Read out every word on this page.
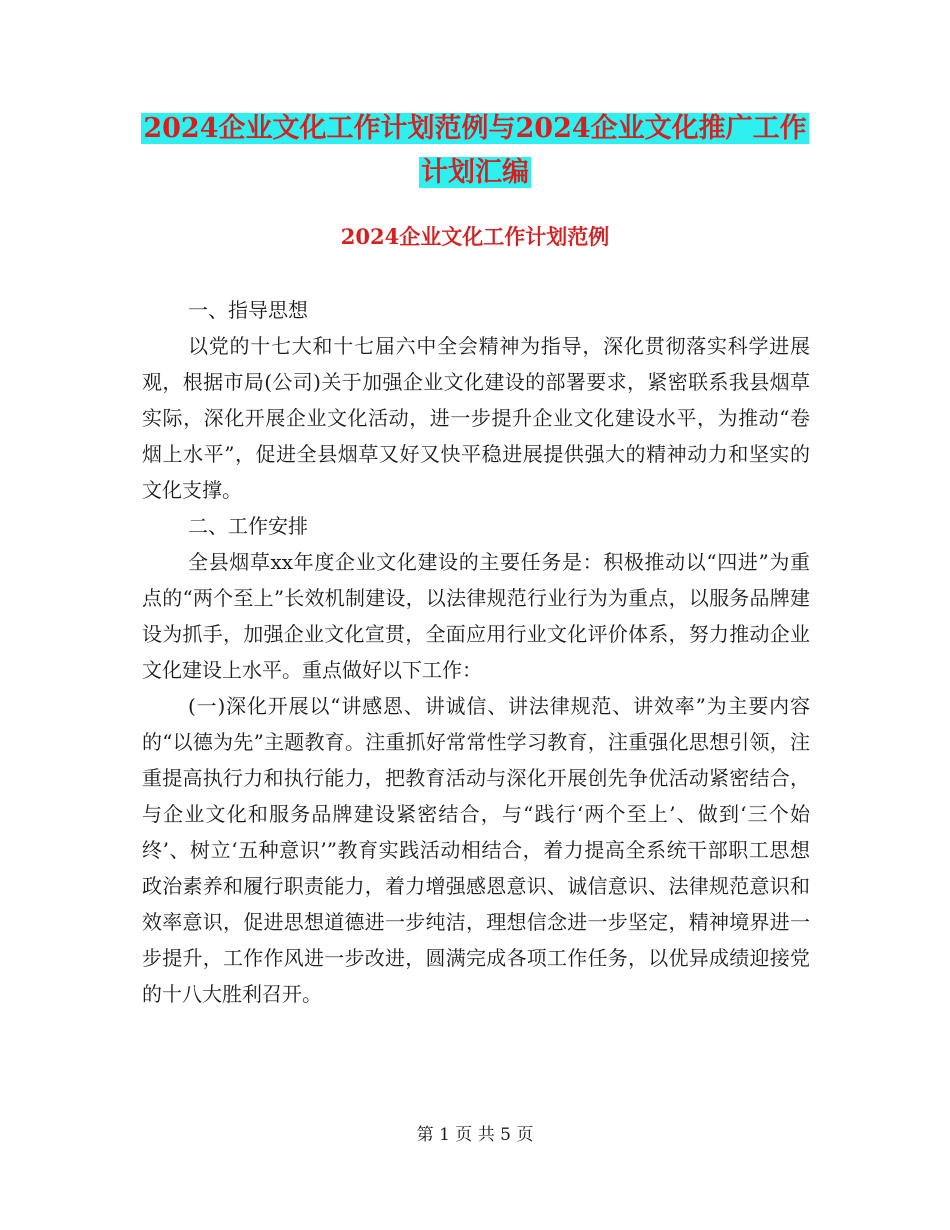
2024企业文化工作计划范例与2024企业文化推广工作
计划汇编
2024企业文化工作计划范例

一、指导思想

以党的十七大和十七届六中全会精神为指导，深化贯彻落实科学进展观，根据市局(公司)关于加强企业文化建设的部署要求，紧密联系我县烟草实际，深化开展企业文化活动，进一步提升企业文化建设水平，为推动“卷烟上水平”，促进全县烟草又好又快平稳进展提供强大的精神动力和坚实的文化支撑。

二、工作安排

全县烟草xx年度企业文化建设的主要任务是：积极推动以“四进”为重点的“两个至上”长效机制建设，以法律规范行业行为为重点，以服务品牌建设为抓手，加强企业文化宣贯，全面应用行业文化评价体系，努力推动企业文化建设上水平。重点做好以下工作：

(一)深化开展以“讲感恩、讲诚信、讲法律规范、讲效率”为主要内容的“以德为先”主题教育。注重抓好常常性学习教育，注重强化思想引领，注重提高执行力和执行能力，把教育活动与深化开展创先争优活动紧密结合，与企业文化和服务品牌建设紧密结合，与“践行‘两个至上’、做到‘三个始终’、树立‘五种意识’”教育实践活动相结合，着力提高全系统干部职工思想政治素养和履行职责能力，着力增强感恩意识、诚信意识、法律规范意识和效率意识，促进思想道德进一步纯洁，理想信念进一步坚定，精神境界进一步提升，工作作风进一步改进，圆满完成各项工作任务，以优异成绩迎接党的十八大胜利召开。

第 1 页 共 5 页
